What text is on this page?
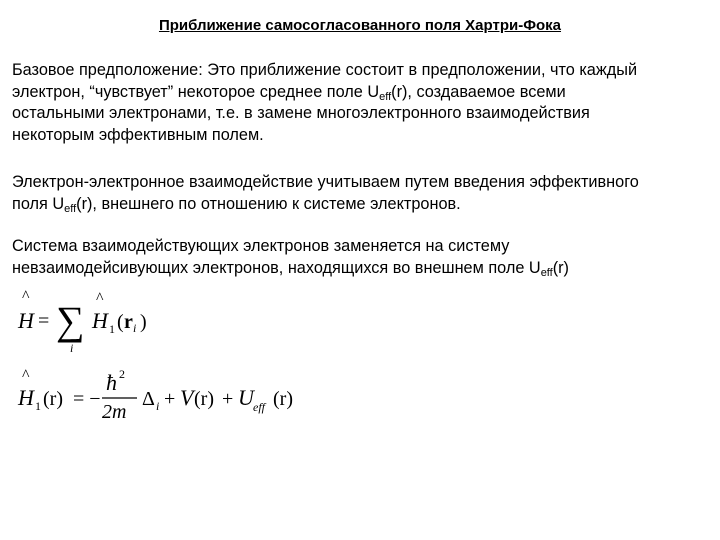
Приближение самосогласованного поля Хартри-Фока
Базовое предположение: Это приближение состоит в предположении, что каждый
электрон, “чувствует” некоторое среднее поле $U_{eff}(r)$, создаваемое всеми
остальными электронами, т.е. в замене многоэлектронного взаимодействия
некоторым эффективным полем.
Электрон-электронное взаимодействие учитываем путем введения эффективного
поля $U_{eff}(r)$, внешнего по отношению к системе электронов.
Система взаимодействующих электронов заменяется на систему
невзаимодейсивующих электронов, находящихся во внешнем поле $U_{eff}(r)$
^
H = ∑
i
^
H 1 ( r i )
^
H 1 (r) = −
ħ 2
2m
Δ i + V (r) + U eff (r)
